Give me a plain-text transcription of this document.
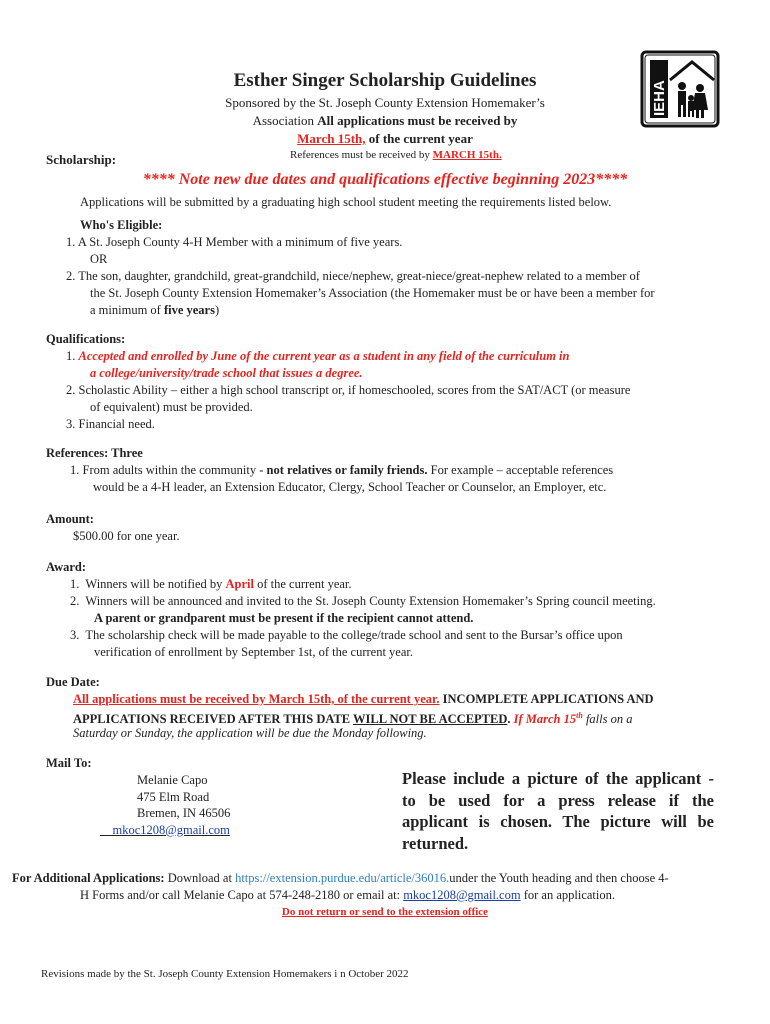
IEHA
Esther Singer Scholarship Guidelines
Sponsored by the St. Joseph County Extension Homemaker’s
Association All applications must be received by
March 15th, of the current year
Scholarship:	References must be received by MARCH 15th.
**** Note new due dates and qualifications effective beginning 2023****
Applications will be submitted by a graduating high school student meeting the requirements listed below.
Who's Eligible:
1. A St. Joseph County 4-H Member with a minimum of five years.
OR
2. The son, daughter, grandchild, great-grandchild, niece/nephew, great-niece/great-nephew related to a member of
the St. Joseph County Extension Homemaker’s Association (the Homemaker must be or have been a member for
a minimum of five years)
Qualifications:
1. Accepted and enrolled by June of the current year as a student in any field of the curriculum in
a college/university/trade school that issues a degree.
2. Scholastic Ability – either a high school transcript or, if homeschooled, scores from the SAT/ACT (or measure
of equivalent) must be provided.
3. Financial need.
References: Three
1. From adults within the community - not relatives or family friends. For example – acceptable references
would be a 4-H leader, an Extension Educator, Clergy, School Teacher or Counselor, an Employer, etc.
Amount:
$500.00 for one year.
Award:
1.  Winners will be notified by April of the current year.
2.  Winners will be announced and invited to the St. Joseph County Extension Homemaker’s Spring council meeting.
A parent or grandparent must be present if the recipient cannot attend.
3.  The scholarship check will be made payable to the college/trade school and sent to the Bursar’s office upon
verification of enrollment by September 1st, of the current year.
Due Date:
All applications must be received by March 15th, of the current year. INCOMPLETE APPLICATIONS AND
APPLICATIONS RECEIVED AFTER THIS DATE WILL NOT BE ACCEPTED. If March 15th falls on a
Saturday or Sunday, the application will be due the Monday following.
Mail To:
Melanie Capo
475 Elm Road
Bremen, IN 46506
mkoc1208@gmail.com
Please include a picture of the applicant -
to be used for a press release if the
applicant is chosen. The picture will be
returned.
For Additional Applications: Download at https://extension.purdue.edu/article/36016.under the Youth heading and then choose 4-
H Forms and/or call Melanie Capo at 574-248-2180 or email at: mkoc1208@gmail.com for an application.
Do not return or send to the extension office
Revisions made by the St. Joseph County Extension Homemakers i n October 2022
